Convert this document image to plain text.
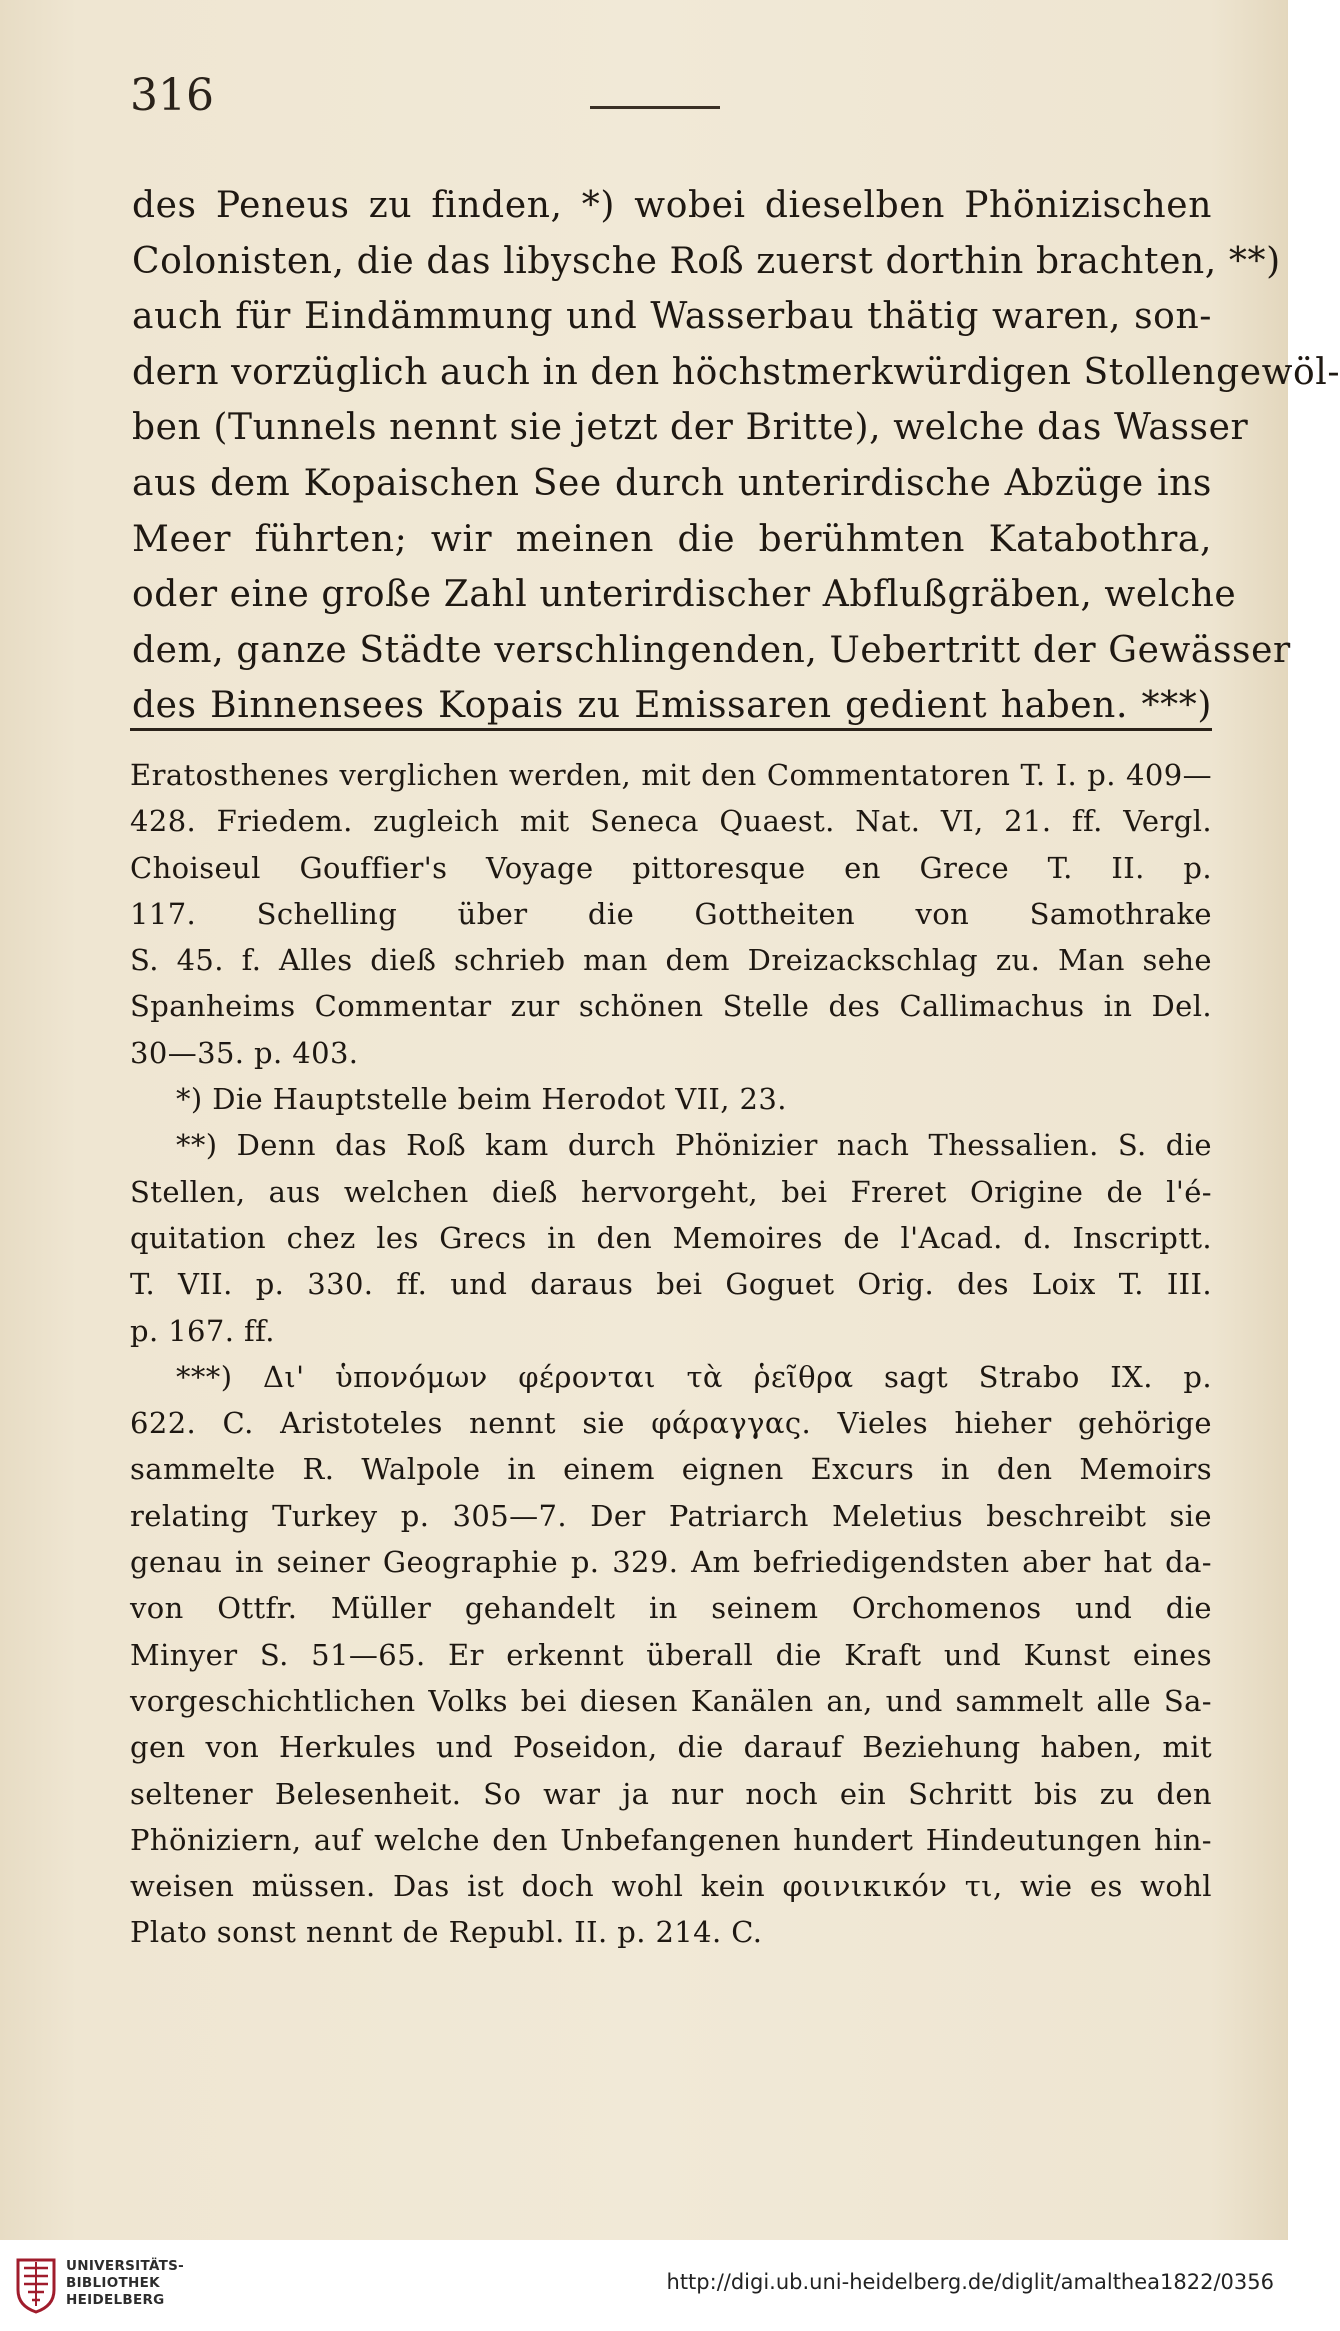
316
des Peneus zu finden, *) wobei dieselben Phönizischen
Colonisten, die das libysche Roß zuerst dorthin brachten, **)
auch für Eindämmung und Wasserbau thätig waren, son-
dern vorzüglich auch in den höchstmerkwürdigen Stollengewöl-
ben (Tunnels nennt sie jetzt der Britte), welche das Wasser
aus dem Kopaischen See durch unterirdische Abzüge ins
Meer führten; wir meinen die berühmten Katabothra,
oder eine große Zahl unterirdischer Abflußgräben, welche
dem, ganze Städte verschlingenden, Uebertritt der Gewässer
des Binnensees Kopais zu Emissaren gedient haben. ***)
Eratosthenes verglichen werden, mit den Commentatoren T. I. p. 409—
428. Friedem. zugleich mit Seneca Quaest. Nat. VI, 21. ff. Vergl.
Choiseul Gouffier's Voyage pittoresque en Grece T. II. p.
117. Schelling über die Gottheiten von Samothrake
S. 45. f. Alles dieß schrieb man dem Dreizackschlag zu. Man sehe
Spanheims Commentar zur schönen Stelle des Callimachus in Del.
30—35. p. 403.
*) Die Hauptstelle beim Herodot VII, 23.
**) Denn das Roß kam durch Phönizier nach Thessalien. S. die
Stellen, aus welchen dieß hervorgeht, bei Freret Origine de l'é-
quitation chez les Grecs in den Memoires de l'Acad. d. Inscriptt.
T. VII. p. 330. ff. und daraus bei Goguet Orig. des Loix T. III.
p. 167. ff.
***) Δι' ὑπονόμων φέρονται τὰ ῥεῖθρα sagt Strabo IX. p.
622. C. Aristoteles nennt sie φάραγγας. Vieles hieher gehörige
sammelte R. Walpole in einem eignen Excurs in den Memoirs
relating Turkey p. 305—7. Der Patriarch Meletius beschreibt sie
genau in seiner Geographie p. 329. Am befriedigendsten aber hat da-
von Ottfr. Müller gehandelt in seinem Orchomenos und die
Minyer S. 51—65. Er erkennt überall die Kraft und Kunst eines
vorgeschichtlichen Volks bei diesen Kanälen an, und sammelt alle Sa-
gen von Herkules und Poseidon, die darauf Beziehung haben, mit
seltener Belesenheit. So war ja nur noch ein Schritt bis zu den
Phöniziern, auf welche den Unbefangenen hundert Hindeutungen hin-
weisen müssen. Das ist doch wohl kein φοινικικόν τι, wie es wohl
Plato sonst nennt de Republ. II. p. 214. C.
UNIVERSITÄTS-
BIBLIOTHEK
HEIDELBERG
http://digi.ub.uni-heidelberg.de/diglit/amalthea1822/0356
